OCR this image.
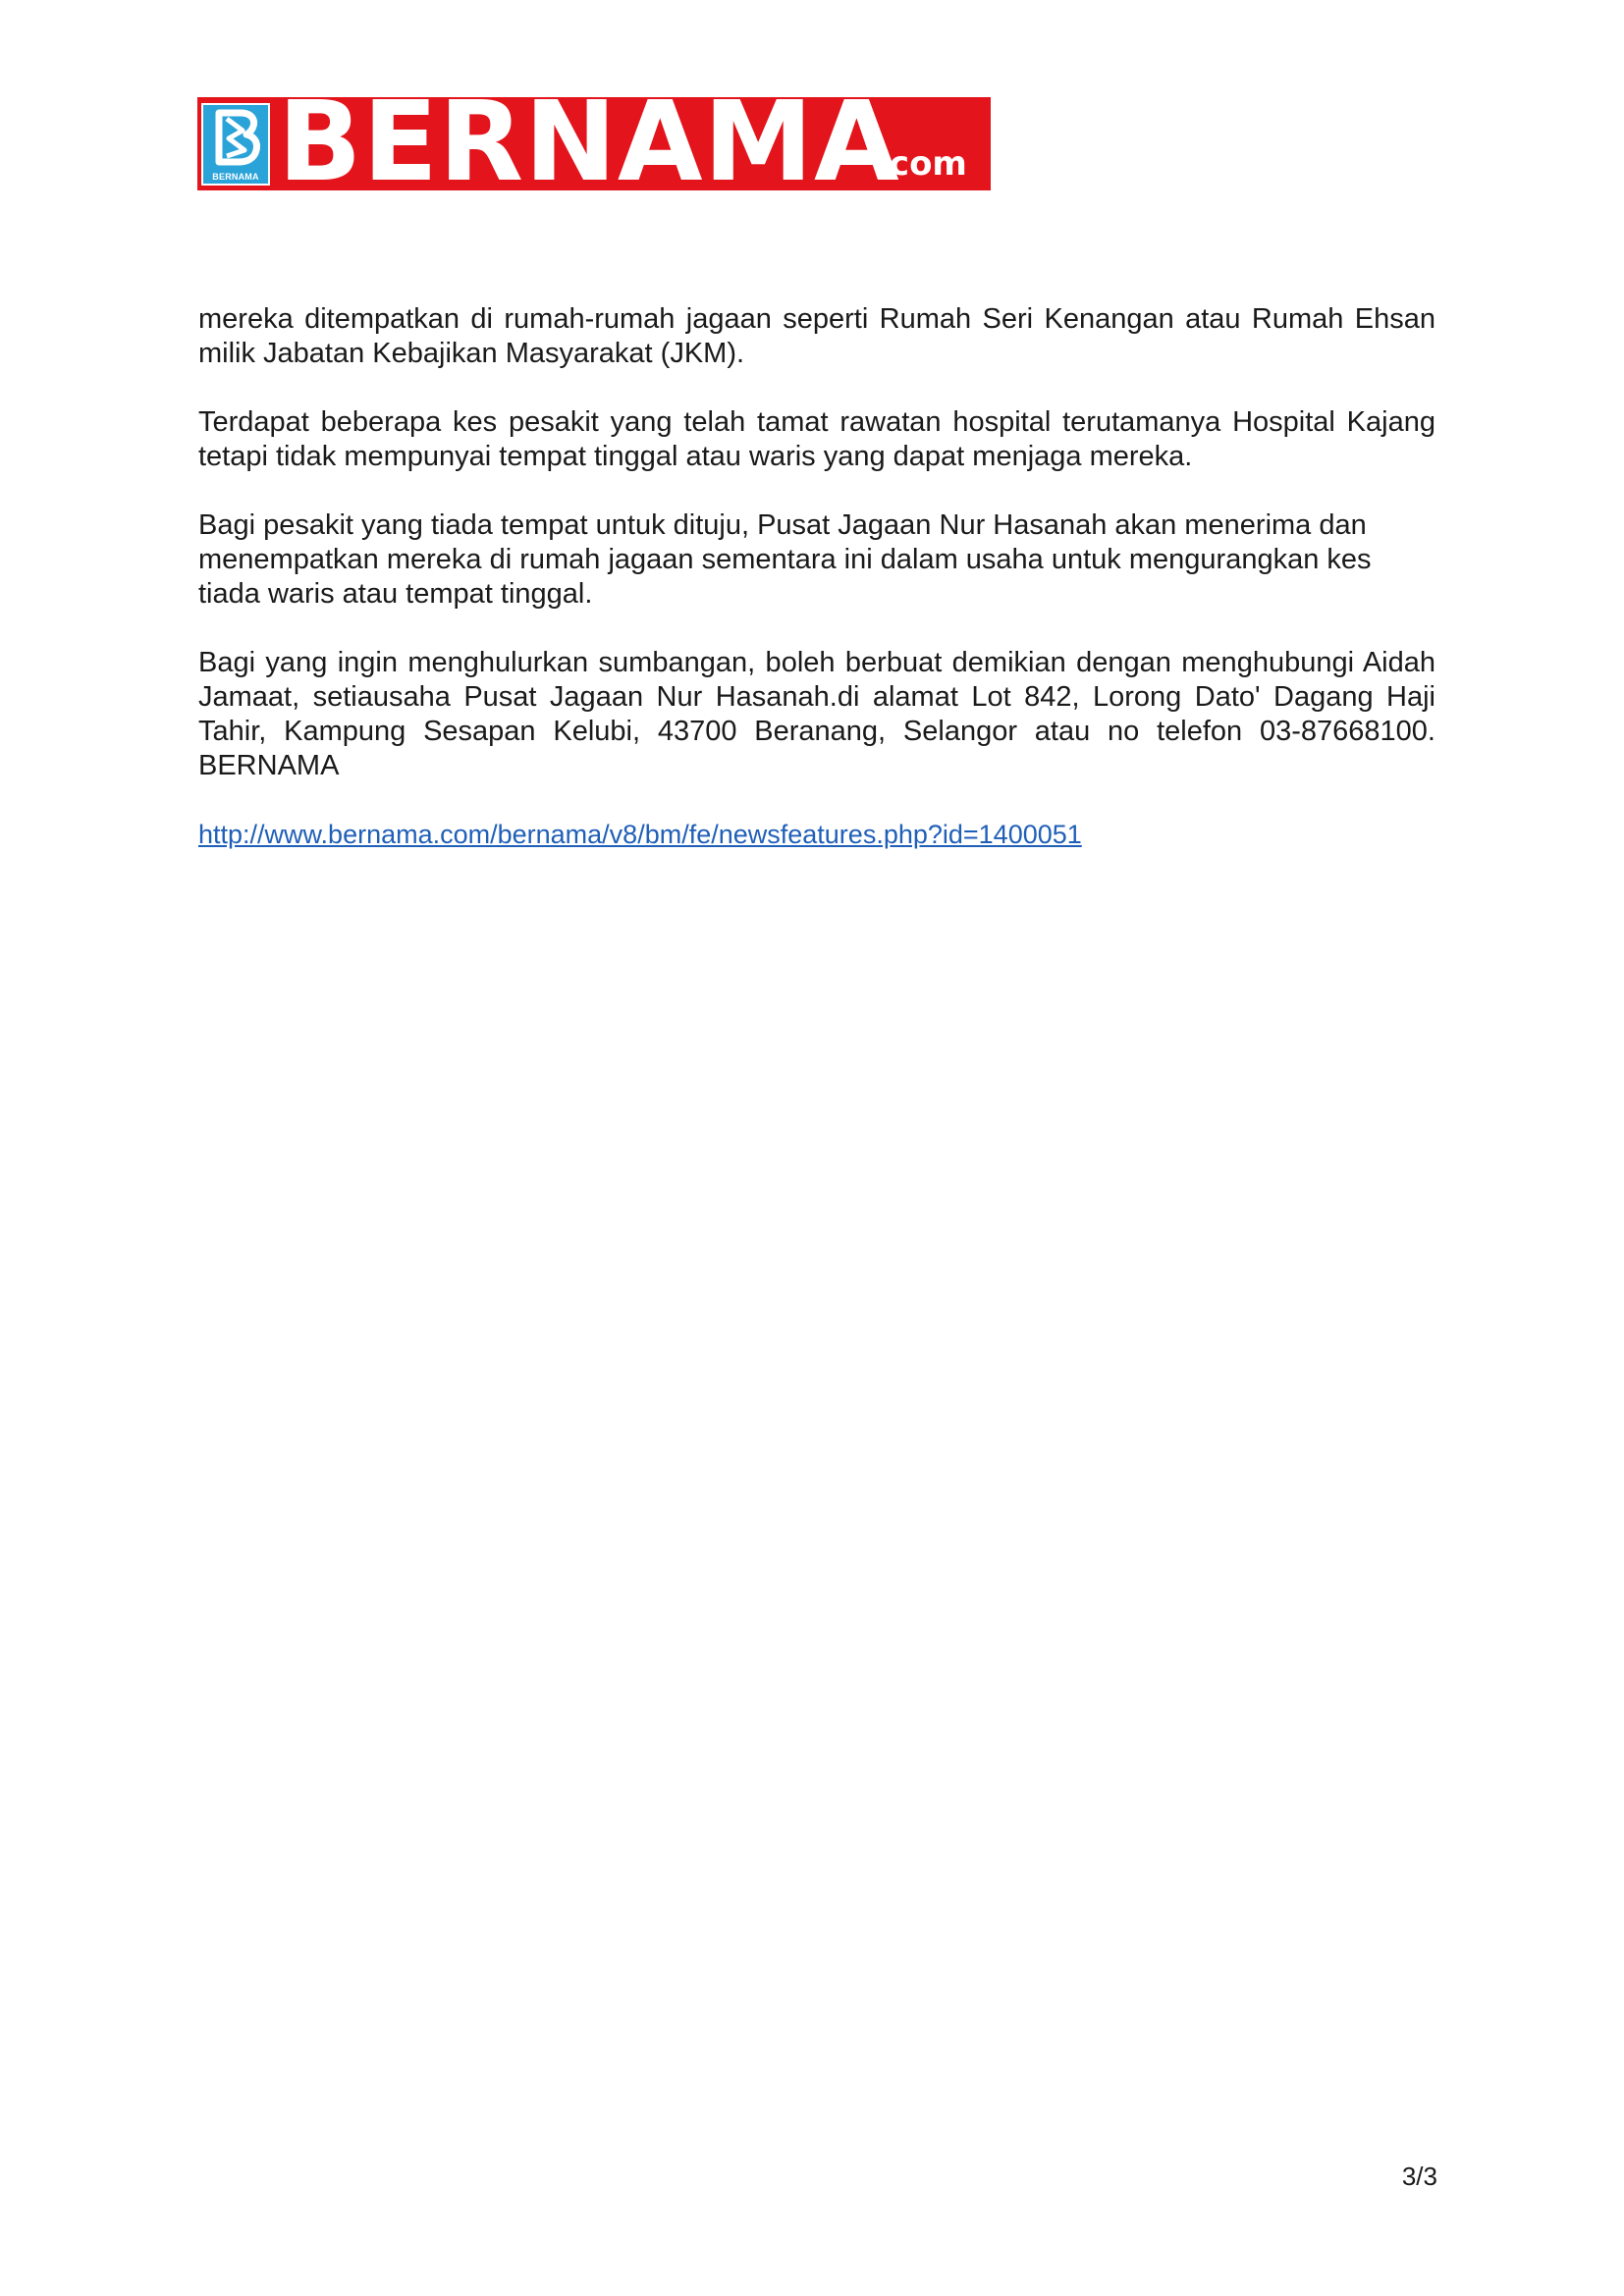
BERNAMA BERNAMA
.com

mereka ditempatkan di rumah-rumah jagaan seperti Rumah Seri Kenangan atau Rumah Ehsan milik Jabatan Kebajikan Masyarakat (JKM).

Terdapat beberapa kes pesakit yang telah tamat rawatan hospital terutamanya Hospital Kajang tetapi tidak mempunyai tempat tinggal atau waris yang dapat menjaga mereka.

Bagi pesakit yang tiada tempat untuk dituju, Pusat Jagaan Nur Hasanah akan menerima dan menempatkan mereka di rumah jagaan sementara ini dalam usaha untuk mengurangkan kes tiada waris atau tempat tinggal.

Bagi yang ingin menghulurkan sumbangan, boleh berbuat demikian dengan menghubungi Aidah Jamaat, setiausaha Pusat Jagaan Nur Hasanah.di alamat Lot 842, Lorong Dato' Dagang Haji Tahir, Kampung Sesapan Kelubi, 43700 Beranang, Selangor atau no telefon 03-87668100. BERNAMA

http://www.bernama.com/bernama/v8/bm/fe/newsfeatures.php?id=1400051
3/3
